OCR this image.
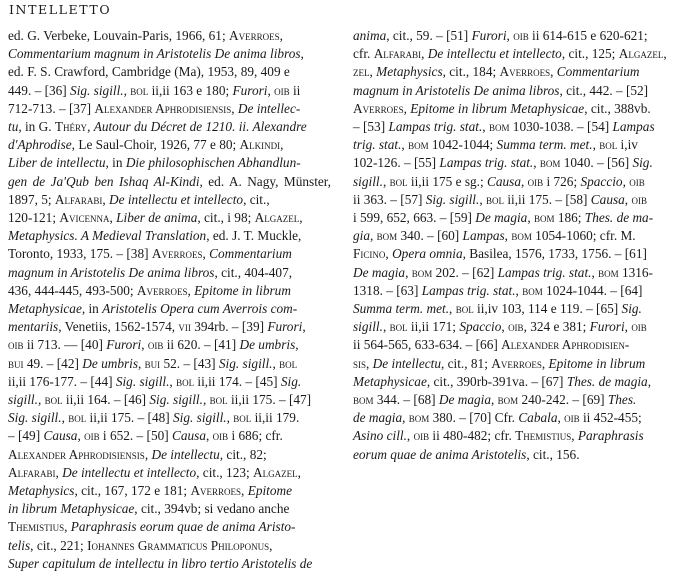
INTELLETTO
ed. G. Verbeke, Louvain-Paris, 1966, 61; Averroes,
Commentarium magnum in Aristotelis De anima libros,
ed. F. S. Crawford, Cambridge (Ma), 1953, 89, 409 e
449. – [36] Sig. sigill., bol ii,ii 163 e 180; Furori, oib ii
712-713. – [37] Alexander Aphrodisiensis, De intellec-
tu, in G. Théry, Autour du Décret de 1210. ii. Alexandre
d'Aphrodise, Le Saul-Choir, 1926, 77 e 80; Alkindi,
Liber de intellectu, in Die philosophischen Abhandlun-
gen de Ja'Qub ben Ishaq Al-Kindi, ed. A. Nagy, Münster, 1897, 5; Alfarabi, De intellectu et intellecto, cit.,
120-121; Avicenna, Liber de anima, cit., i 98; Algazel,
Metaphysics. A Medieval Translation, ed. J. T. Muckle,
Toronto, 1933, 175. – [38] Averroes, Commentarium
magnum in Aristotelis De anima libros, cit., 404-407,
436, 444-445, 493-500; Averroes, Epitome in librum
Metaphysicae, in Aristotelis Opera cum Averrois com-
mentariis, Venetiis, 1562-1574, vii 394rb. – [39] Furori,
oib ii 713. — [40] Furori, oib ii 620. – [41] De umbris,
bui 49. – [42] De umbris, bui 52. – [43] Sig. sigill., bol
ii,ii 176-177. – [44] Sig. sigill., bol ii,ii 174. – [45] Sig.
sigill., bol ii,ii 164. – [46] Sig. sigill., bol ii,ii 175. – [47]
Sig. sigill., bol ii,ii 175. – [48] Sig. sigill., bol ii,ii 179.
– [49] Causa, oib i 652. – [50] Causa, oib i 686; cfr.
Alexander Aphrodisiensis, De intellectu, cit., 82;
Alfarabi, De intellectu et intellecto, cit., 123; Algazel,
Metaphysics, cit., 167, 172 e 181; Averroes, Epitome
in librum Metaphysicae, cit., 394vb; si vedano anche
Themistius, Paraphrasis eorum quae de anima Aristo-
telis, cit., 221; Iohannes Grammaticus Philoponus,
Super capitulum de intellectu in libro tertio Aristotelis de
anima, cit., 59. – [51] Furori, oib ii 614-615 e 620-621;
cfr. Alfarabi, De intellectu et intellecto, cit., 125; Algazel,
zel, Metaphysics, cit., 184; Averroes, Commentarium
magnum in Aristotelis De anima libros, cit., 442. – [52]
Averroes, Epitome in librum Metaphysicae, cit., 388vb.
– [53] Lampas trig. stat., bom 1030-1038. – [54] Lampas
trig. stat., bom 1042-1044; Summa term. met., bol i,iv
102-126. – [55] Lampas trig. stat., bom 1040. – [56] Sig.
sigill., bol ii,ii 175 e sg.; Causa, oib i 726; Spaccio, oib
ii 363. – [57] Sig. sigill., bol ii,ii 175. – [58] Causa, oib
i 599, 652, 663. – [59] De magia, bom 186; Thes. de ma-
gia, bom 340. – [60] Lampas, bom 1054-1060; cfr. M.
Ficino, Opera omnia, Basilea, 1576, 1733, 1756. – [61]
De magia, bom 202. – [62] Lampas trig. stat., bom 1316-
1318. – [63] Lampas trig. stat., bom 1024-1044. – [64]
Summa term. met., bol ii,iv 103, 114 e 119. – [65] Sig.
sigill., bol ii,ii 171; Spaccio, oib, 324 e 381; Furori, oib
ii 564-565, 633-634. – [66] Alexander Aphrodisien-
sis, De intellectu, cit., 81; Averroes, Epitome in librum
Metaphysicae, cit., 390rb-391va. – [67] Thes. de magia,
bom 344. – [68] De magia, bom 240-242. – [69] Thes.
de magia, bom 380. – [70] Cfr. Cabala, oib ii 452-455;
Asino cill., oib ii 480-482; cfr. Themistius, Paraphrasis
eorum quae de anima Aristotelis, cit., 156.
